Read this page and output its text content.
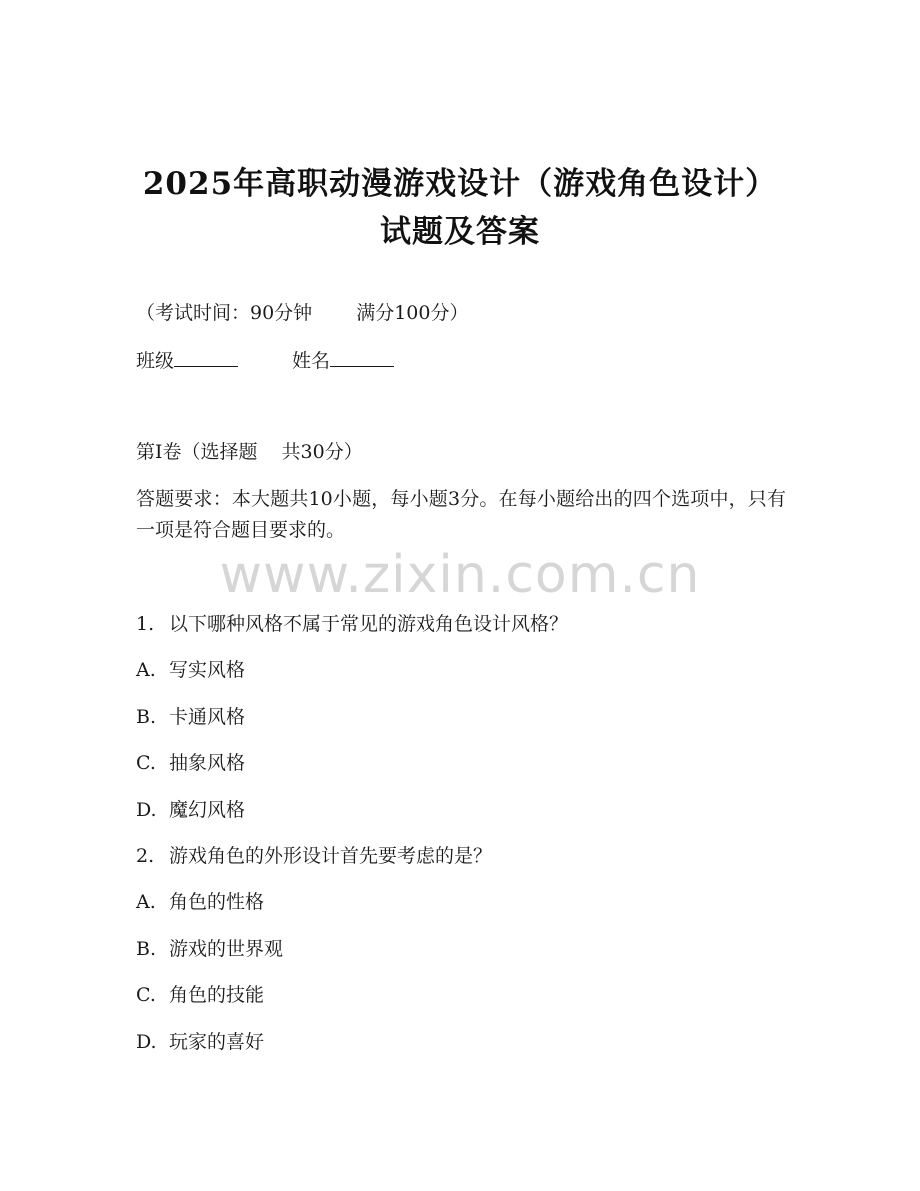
2025年高职动漫游戏设计（游戏角色设计）
试题及答案
（考试时间：90分钟 满分100分）
班级	姓名
第Ⅰ卷（选择题 共30分）
答题要求：本大题共10小题，每小题3分。在每小题给出的四个选项中，只有一项是符合题目要求的。
www.zixin.com.cn
1. 以下哪种风格不属于常见的游戏角色设计风格？
A. 写实风格
B. 卡通风格
C. 抽象风格
D. 魔幻风格
2. 游戏角色的外形设计首先要考虑的是？
A. 角色的性格
B. 游戏的世界观
C. 角色的技能
D. 玩家的喜好
